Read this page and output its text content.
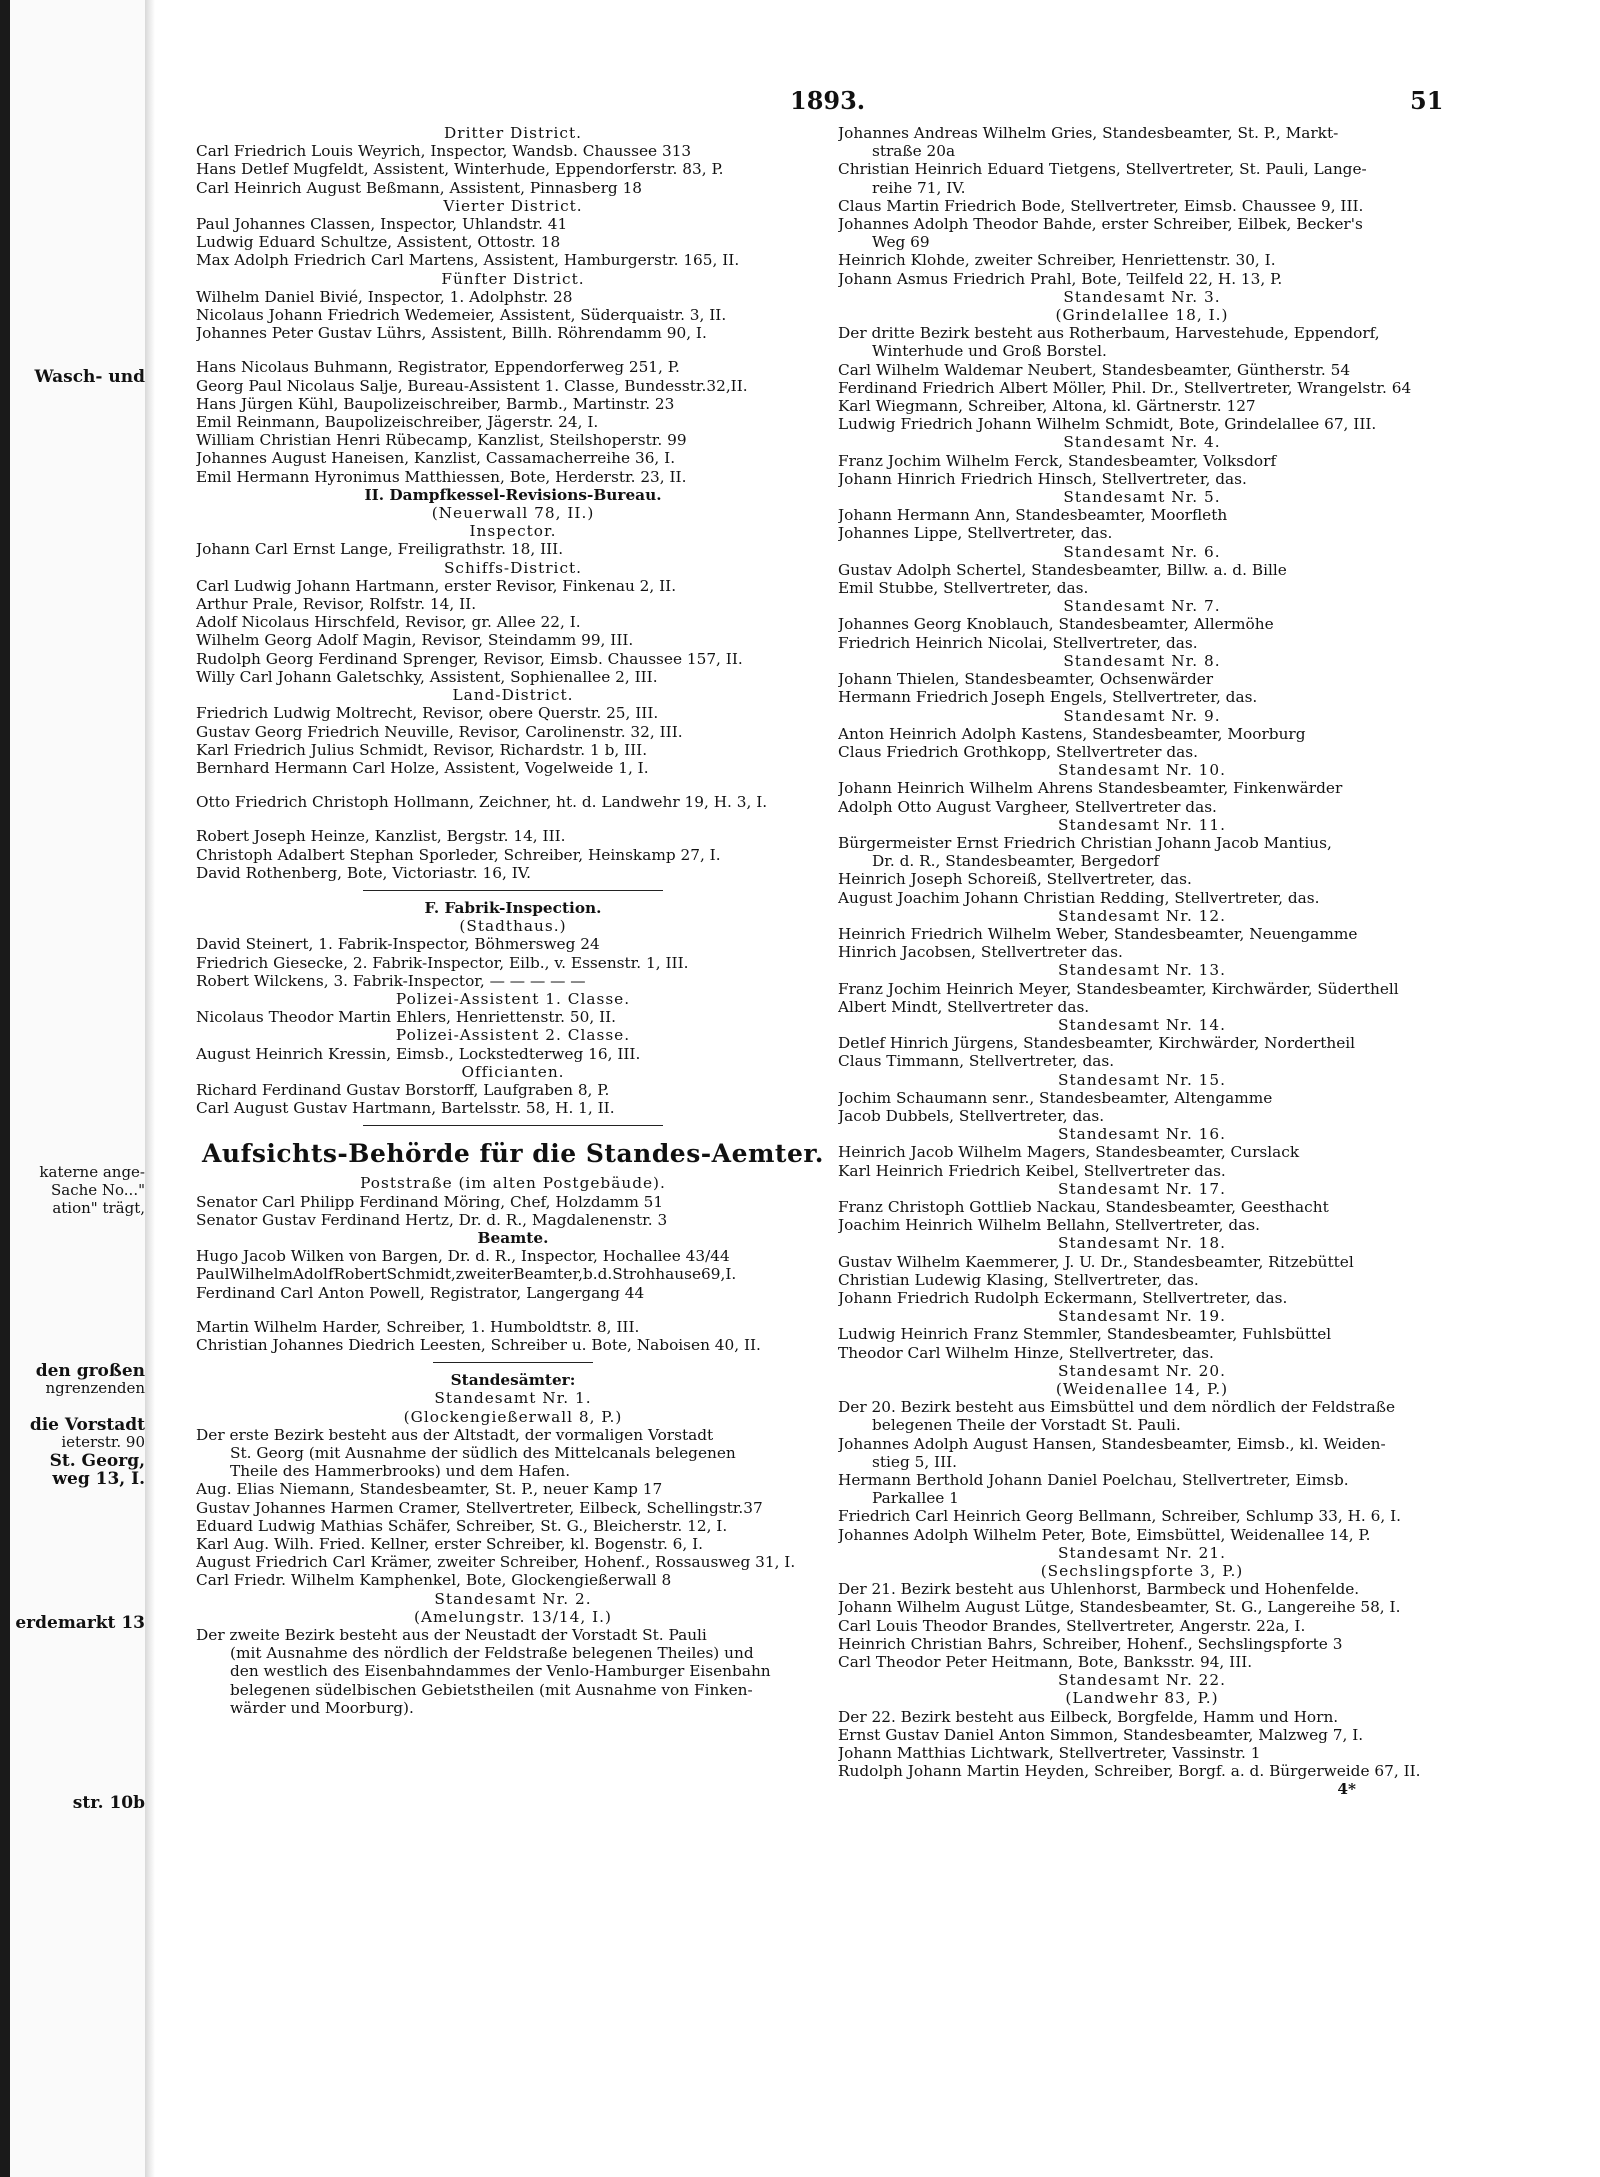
Wasch- und
katerne ange-
Sache No..."
ation" trägt,
den großen
ngrenzenden
die Vorstadt
ieterstr. 90
St. Georg,
weg 13, I.
erdemarkt 13
str. 10b
1893.	51
Dritter District.
Carl Friedrich Louis Weyrich, Inspector, Wandsb. Chaussee 313
Hans Detlef Mugfeldt, Assistent, Winterhude, Eppendorferstr. 83, P.
Carl Heinrich August Beßmann, Assistent, Pinnasberg 18
Vierter District.
Paul Johannes Classen, Inspector, Uhlandstr. 41
Ludwig Eduard Schultze, Assistent, Ottostr. 18
Max Adolph Friedrich Carl Martens, Assistent, Hamburgerstr. 165, II.
Fünfter District.
Wilhelm Daniel Bivié, Inspector, 1. Adolphstr. 28
Nicolaus Johann Friedrich Wedemeier, Assistent, Süderquaistr. 3, II.
Johannes Peter Gustav Lührs, Assistent, Billh. Röhrendamm 90, I.
Hans Nicolaus Buhmann, Registrator, Eppendorferweg 251, P.
Georg Paul Nicolaus Salje, Bureau-Assistent 1. Classe, Bundesstr.32,II.
Hans Jürgen Kühl, Baupolizeischreiber, Barmb., Martinstr. 23
Emil Reinmann, Baupolizeischreiber, Jägerstr. 24, I.
William Christian Henri Rübecamp, Kanzlist, Steilshoperstr. 99
Johannes August Haneisen, Kanzlist, Cassamacherreihe 36, I.
Emil Hermann Hyronimus Matthiessen, Bote, Herderstr. 23, II.
II. Dampfkessel-Revisions-Bureau.
(Neuerwall 78, II.)
Inspector.
Johann Carl Ernst Lange, Freiligrathstr. 18, III.
Schiffs-District.
Carl Ludwig Johann Hartmann, erster Revisor, Finkenau 2, II.
Arthur Prale, Revisor, Rolfstr. 14, II.
Adolf Nicolaus Hirschfeld, Revisor, gr. Allee 22, I.
Wilhelm Georg Adolf Magin, Revisor, Steindamm 99, III.
Rudolph Georg Ferdinand Sprenger, Revisor, Eimsb. Chaussee 157, II.
Willy Carl Johann Galetschky, Assistent, Sophienallee 2, III.
Land-District.
Friedrich Ludwig Moltrecht, Revisor, obere Querstr. 25, III.
Gustav Georg Friedrich Neuville, Revisor, Carolinenstr. 32, III.
Karl Friedrich Julius Schmidt, Revisor, Richardstr. 1 b, III.
Bernhard Hermann Carl Holze, Assistent, Vogelweide 1, I.
Otto Friedrich Christoph Hollmann, Zeichner, ht. d. Landwehr 19, H. 3, I.
Robert Joseph Heinze, Kanzlist, Bergstr. 14, III.
Christoph Adalbert Stephan Sporleder, Schreiber, Heinskamp 27, I.
David Rothenberg, Bote, Victoriastr. 16, IV.
F. Fabrik-Inspection.
(Stadthaus.)
David Steinert, 1. Fabrik-Inspector, Böhmersweg 24
Friedrich Giesecke, 2. Fabrik-Inspector, Eilb., v. Essenstr. 1, III.
Robert Wilckens, 3. Fabrik-Inspector, — — — — —
Polizei-Assistent 1. Classe.
Nicolaus Theodor Martin Ehlers, Henriettenstr. 50, II.
Polizei-Assistent 2. Classe.
August Heinrich Kressin, Eimsb., Lockstedterweg 16, III.
Officianten.
Richard Ferdinand Gustav Borstorff, Laufgraben 8, P.
Carl August Gustav Hartmann, Bartelsstr. 58, H. 1, II.
Aufsichts-Behörde für die Standes-Aemter.
Poststraße (im alten Postgebäude).
Senator Carl Philipp Ferdinand Möring, Chef, Holzdamm 51
Senator Gustav Ferdinand Hertz, Dr. d. R., Magdalenenstr. 3
Beamte.
Hugo Jacob Wilken von Bargen, Dr. d. R., Inspector, Hochallee 43/44
PaulWilhelmAdolfRobertSchmidt,zweiterBeamter,b.d.Strohhause69,I.
Ferdinand Carl Anton Powell, Registrator, Langergang 44
Martin Wilhelm Harder, Schreiber, 1. Humboldtstr. 8, III.
Christian Johannes Diedrich Leesten, Schreiber u. Bote, Naboisen 40, II.
Standesämter:
Standesamt Nr. 1.
(Glockengießerwall 8, P.)
Der erste Bezirk besteht aus der Altstadt, der vormaligen Vorstadt
St. Georg (mit Ausnahme der südlich des Mittelcanals belegenen
Theile des Hammerbrooks) und dem Hafen.
Aug. Elias Niemann, Standesbeamter, St. P., neuer Kamp 17
Gustav Johannes Harmen Cramer, Stellvertreter, Eilbeck, Schellingstr.37
Eduard Ludwig Mathias Schäfer, Schreiber, St. G., Bleicherstr. 12, I.
Karl Aug. Wilh. Fried. Kellner, erster Schreiber, kl. Bogenstr. 6, I.
August Friedrich Carl Krämer, zweiter Schreiber, Hohenf., Rossausweg 31, I.
Carl Friedr. Wilhelm Kamphenkel, Bote, Glockengießerwall 8
Standesamt Nr. 2.
(Amelungstr. 13/14, I.)
Der zweite Bezirk besteht aus der Neustadt der Vorstadt St. Pauli
(mit Ausnahme des nördlich der Feldstraße belegenen Theiles) und
den westlich des Eisenbahndammes der Venlo-Hamburger Eisenbahn
belegenen südelbischen Gebietstheilen (mit Ausnahme von Finken-
wärder und Moorburg).
Johannes Andreas Wilhelm Gries, Standesbeamter, St. P., Markt-
straße 20a
Christian Heinrich Eduard Tietgens, Stellvertreter, St. Pauli, Lange-
reihe 71, IV.
Claus Martin Friedrich Bode, Stellvertreter, Eimsb. Chaussee 9, III.
Johannes Adolph Theodor Bahde, erster Schreiber, Eilbek, Becker's
Weg 69
Heinrich Klohde, zweiter Schreiber, Henriettenstr. 30, I.
Johann Asmus Friedrich Prahl, Bote, Teilfeld 22, H. 13, P.
Standesamt Nr. 3.
(Grindelallee 18, I.)
Der dritte Bezirk besteht aus Rotherbaum, Harvestehude, Eppendorf,
Winterhude und Groß Borstel.
Carl Wilhelm Waldemar Neubert, Standesbeamter, Güntherstr. 54
Ferdinand Friedrich Albert Möller, Phil. Dr., Stellvertreter, Wrangelstr. 64
Karl Wiegmann, Schreiber, Altona, kl. Gärtnerstr. 127
Ludwig Friedrich Johann Wilhelm Schmidt, Bote, Grindelallee 67, III.
Standesamt Nr. 4.
Franz Jochim Wilhelm Ferck, Standesbeamter, Volksdorf
Johann Hinrich Friedrich Hinsch, Stellvertreter, das.
Standesamt Nr. 5.
Johann Hermann Ann, Standesbeamter, Moorfleth
Johannes Lippe, Stellvertreter, das.
Standesamt Nr. 6.
Gustav Adolph Schertel, Standesbeamter, Billw. a. d. Bille
Emil Stubbe, Stellvertreter, das.
Standesamt Nr. 7.
Johannes Georg Knoblauch, Standesbeamter, Allermöhe
Friedrich Heinrich Nicolai, Stellvertreter, das.
Standesamt Nr. 8.
Johann Thielen, Standesbeamter, Ochsenwärder
Hermann Friedrich Joseph Engels, Stellvertreter, das.
Standesamt Nr. 9.
Anton Heinrich Adolph Kastens, Standesbeamter, Moorburg
Claus Friedrich Grothkopp, Stellvertreter das.
Standesamt Nr. 10.
Johann Heinrich Wilhelm Ahrens Standesbeamter, Finkenwärder
Adolph Otto August Vargheer, Stellvertreter das.
Standesamt Nr. 11.
Bürgermeister Ernst Friedrich Christian Johann Jacob Mantius,
Dr. d. R., Standesbeamter, Bergedorf
Heinrich Joseph Schoreiß, Stellvertreter, das.
August Joachim Johann Christian Redding, Stellvertreter, das.
Standesamt Nr. 12.
Heinrich Friedrich Wilhelm Weber, Standesbeamter, Neuengamme
Hinrich Jacobsen, Stellvertreter das.
Standesamt Nr. 13.
Franz Jochim Heinrich Meyer, Standesbeamter, Kirchwärder, Süderthell
Albert Mindt, Stellvertreter das.
Standesamt Nr. 14.
Detlef Hinrich Jürgens, Standesbeamter, Kirchwärder, Nordertheil
Claus Timmann, Stellvertreter, das.
Standesamt Nr. 15.
Jochim Schaumann senr., Standesbeamter, Altengamme
Jacob Dubbels, Stellvertreter, das.
Standesamt Nr. 16.
Heinrich Jacob Wilhelm Magers, Standesbeamter, Curslack
Karl Heinrich Friedrich Keibel, Stellvertreter das.
Standesamt Nr. 17.
Franz Christoph Gottlieb Nackau, Standesbeamter, Geesthacht
Joachim Heinrich Wilhelm Bellahn, Stellvertreter, das.
Standesamt Nr. 18.
Gustav Wilhelm Kaemmerer, J. U. Dr., Standesbeamter, Ritzebüttel
Christian Ludewig Klasing, Stellvertreter, das.
Johann Friedrich Rudolph Eckermann, Stellvertreter, das.
Standesamt Nr. 19.
Ludwig Heinrich Franz Stemmler, Standesbeamter, Fuhlsbüttel
Theodor Carl Wilhelm Hinze, Stellvertreter, das.
Standesamt Nr. 20.
(Weidenallee 14, P.)
Der 20. Bezirk besteht aus Eimsbüttel und dem nördlich der Feldstraße
belegenen Theile der Vorstadt St. Pauli.
Johannes Adolph August Hansen, Standesbeamter, Eimsb., kl. Weiden-
stieg 5, III.
Hermann Berthold Johann Daniel Poelchau, Stellvertreter, Eimsb.
Parkallee 1
Friedrich Carl Heinrich Georg Bellmann, Schreiber, Schlump 33, H. 6, I.
Johannes Adolph Wilhelm Peter, Bote, Eimsbüttel, Weidenallee 14, P.
Standesamt Nr. 21.
(Sechslingspforte 3, P.)
Der 21. Bezirk besteht aus Uhlenhorst, Barmbeck und Hohenfelde.
Johann Wilhelm August Lütge, Standesbeamter, St. G., Langereihe 58, I.
Carl Louis Theodor Brandes, Stellvertreter, Angerstr. 22a, I.
Heinrich Christian Bahrs, Schreiber, Hohenf., Sechslingspforte 3
Carl Theodor Peter Heitmann, Bote, Banksstr. 94, III.
Standesamt Nr. 22.
(Landwehr 83, P.)
Der 22. Bezirk besteht aus Eilbeck, Borgfelde, Hamm und Horn.
Ernst Gustav Daniel Anton Simmon, Standesbeamter, Malzweg 7, I.
Johann Matthias Lichtwark, Stellvertreter, Vassinstr. 1
Rudolph Johann Martin Heyden, Schreiber, Borgf. a. d. Bürgerweide 67, II.
4*
